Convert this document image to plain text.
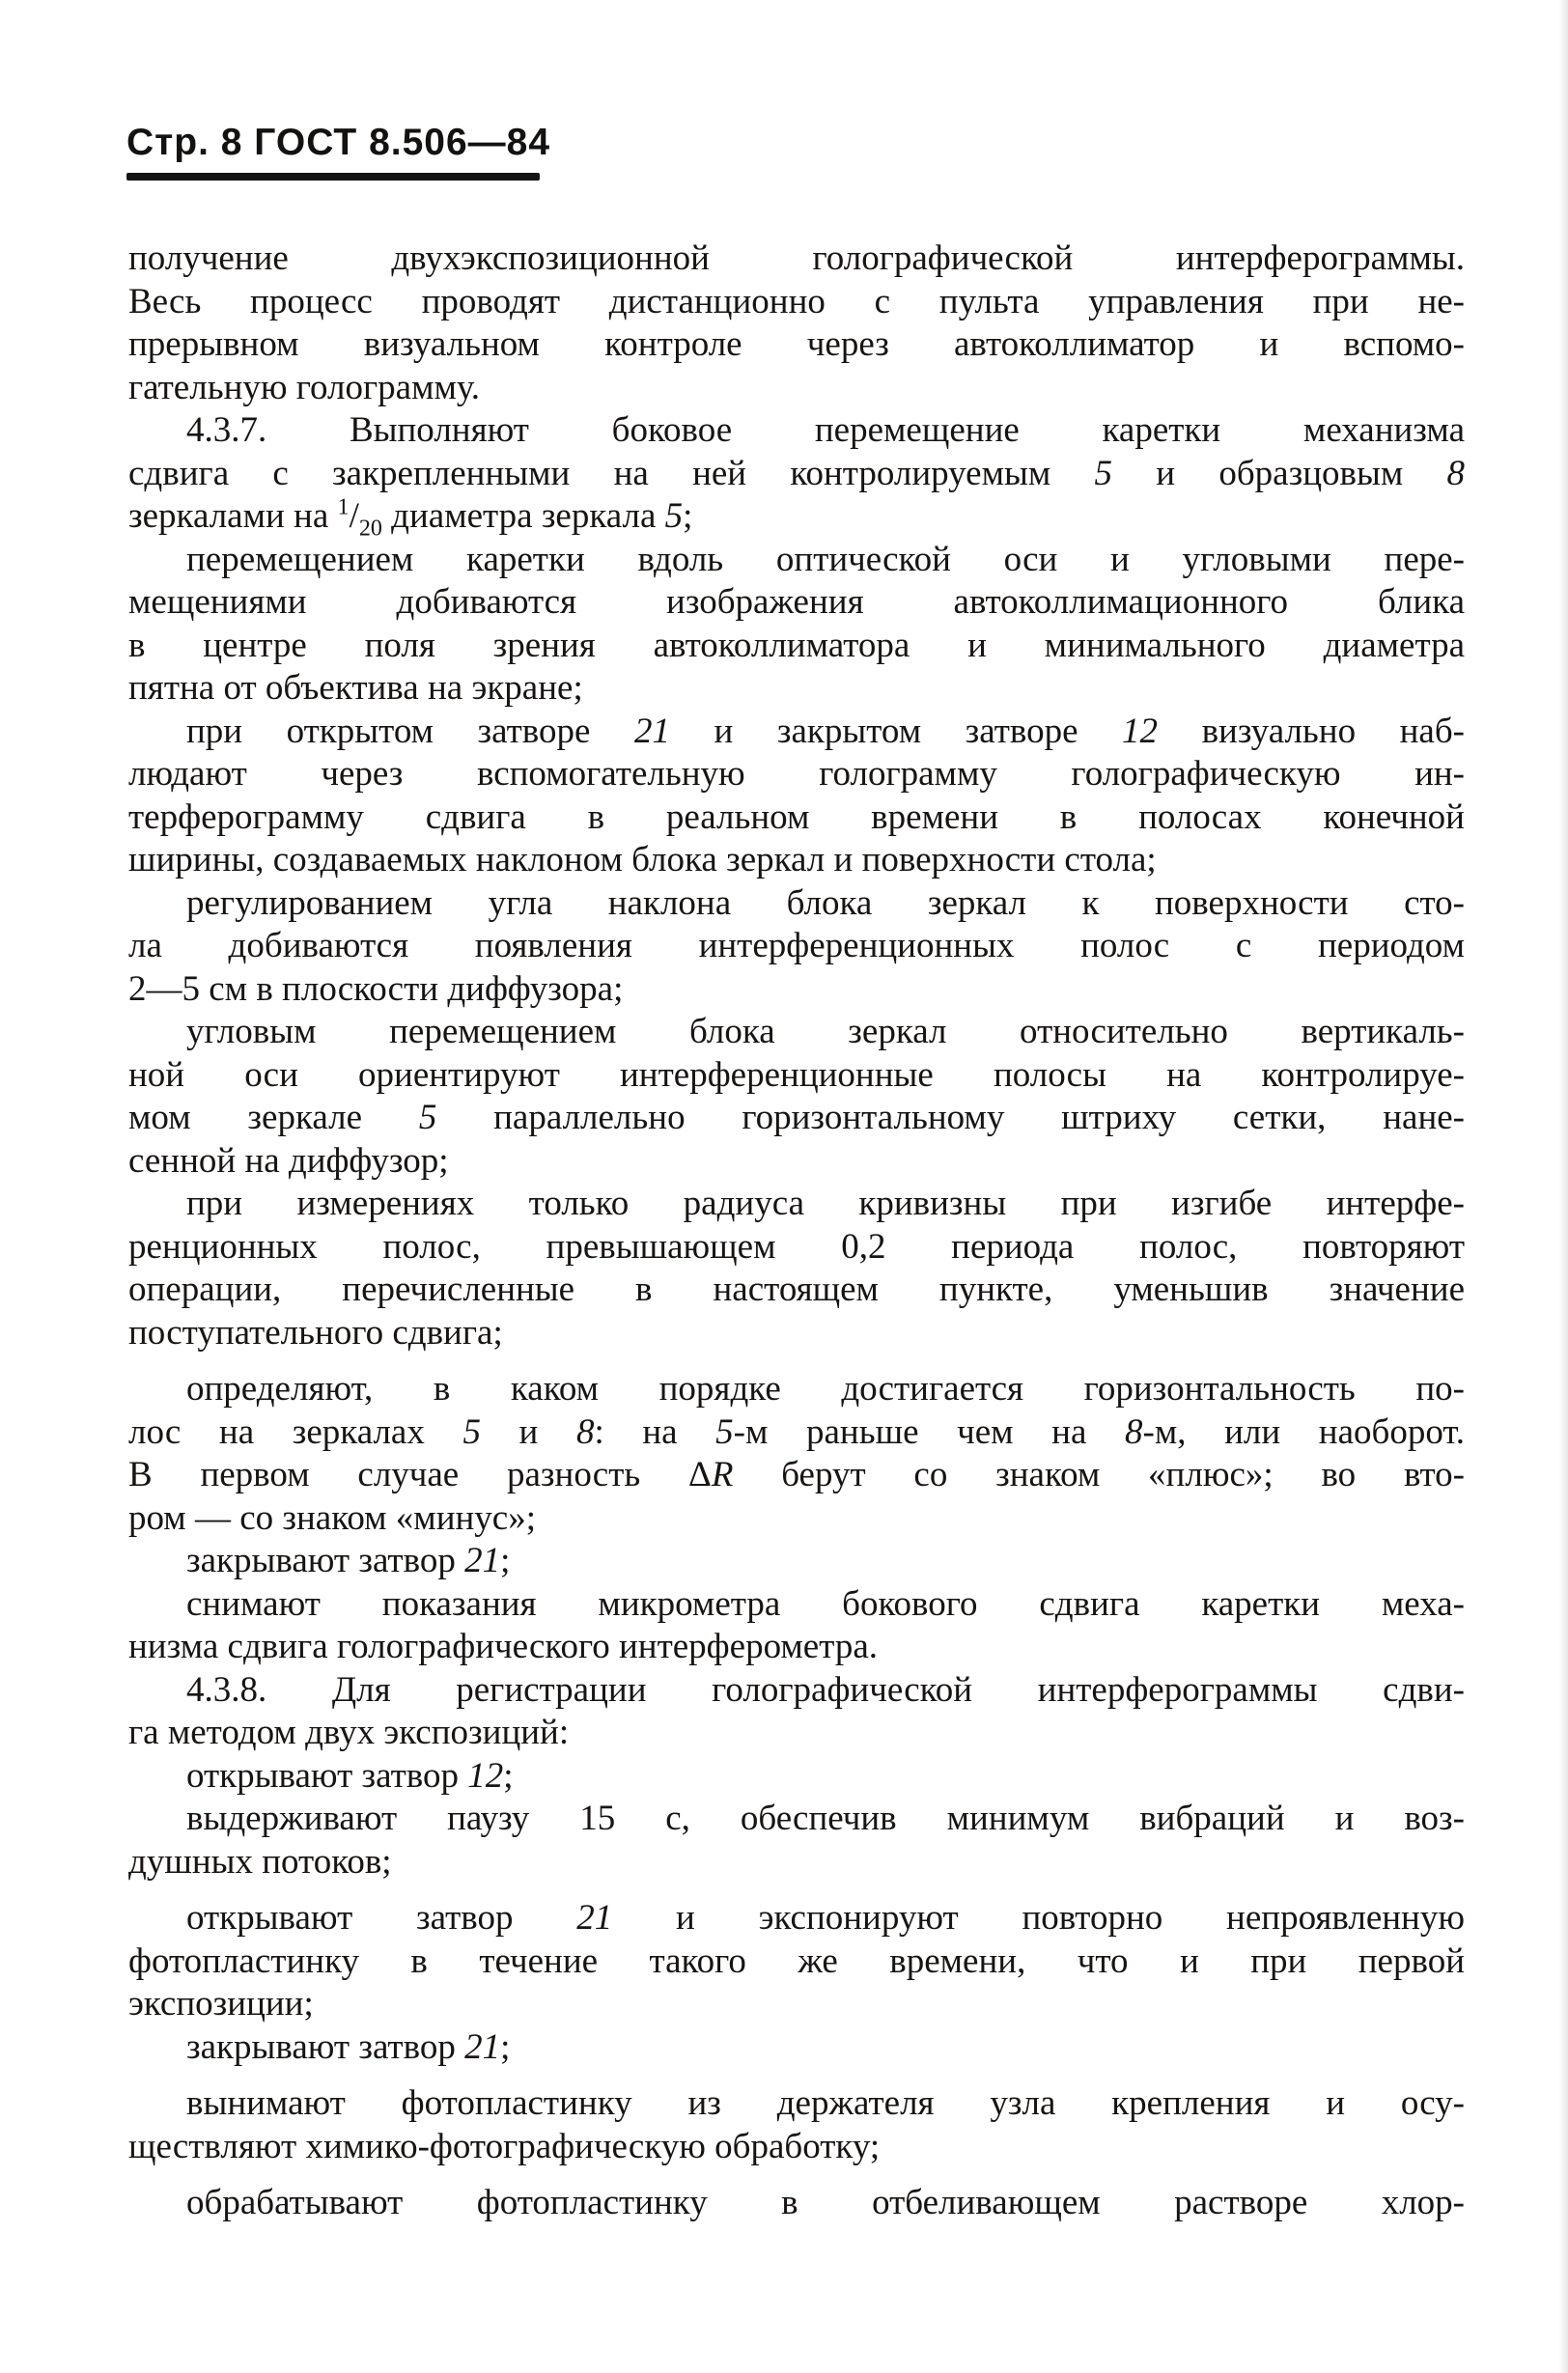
Стр. 8 ГОСТ 8.506—84
получение двухэкспозиционной голографической интерферограммы.
Весь процесс проводят дистанционно с пульта управления при не-
прерывном визуальном контроле через автоколлиматор и вспомо-
гательную голограмму.
4.3.7. Выполняют боковое перемещение каретки механизма
сдвига с закрепленными на ней контролируемым 5 и образцовым 8
зеркалами на $^1/_{20}$ диаметра зеркала 5;
перемещением каретки вдоль оптической оси и угловыми пере-
мещениями добиваются изображения автоколлимационного блика
в центре поля зрения автоколлиматора и минимального диаметра
пятна от объектива на экране;
при открытом затворе 21 и закрытом затворе 12 визуально наб-
людают через вспомогательную голограмму голографическую ин-
терферограмму сдвига в реальном времени в полосах конечной
ширины, создаваемых наклоном блока зеркал и поверхности стола;
регулированием угла наклона блока зеркал к поверхности сто-
ла добиваются появления интерференционных полос с периодом
2—5 см в плоскости диффузора;
угловым перемещением блока зеркал относительно вертикаль-
ной оси ориентируют интерференционные полосы на контролируе-
мом зеркале 5 параллельно горизонтальному штриху сетки, нане-
сенной на диффузор;
при измерениях только радиуса кривизны при изгибе интерфе-
ренционных полос, превышающем 0,2 периода полос, повторяют
операции, перечисленные в настоящем пункте, уменьшив значение
поступательного сдвига;
определяют, в каком порядке достигается горизонтальность по-
лос на зеркалах 5 и 8: на 5-м раньше чем на 8-м, или наоборот.
В первом случае разность ΔR берут со знаком «плюс»; во вто-
ром — со знаком «минус»;
закрывают затвор 21;
снимают показания микрометра бокового сдвига каретки меха-
низма сдвига голографического интерферометра.
4.3.8. Для регистрации голографической интерферограммы сдви-
га методом двух экспозиций:
открывают затвор 12;
выдерживают паузу 15 с, обеспечив минимум вибраций и воз-
душных потоков;
открывают затвор 21 и экспонируют повторно непроявленную
фотопластинку в течение такого же времени, что и при первой
экспозиции;
закрывают затвор 21;
вынимают фотопластинку из держателя узла крепления и осу-
ществляют химико-фотографическую обработку;
обрабатывают фотопластинку в отбеливающем растворе хлор-
